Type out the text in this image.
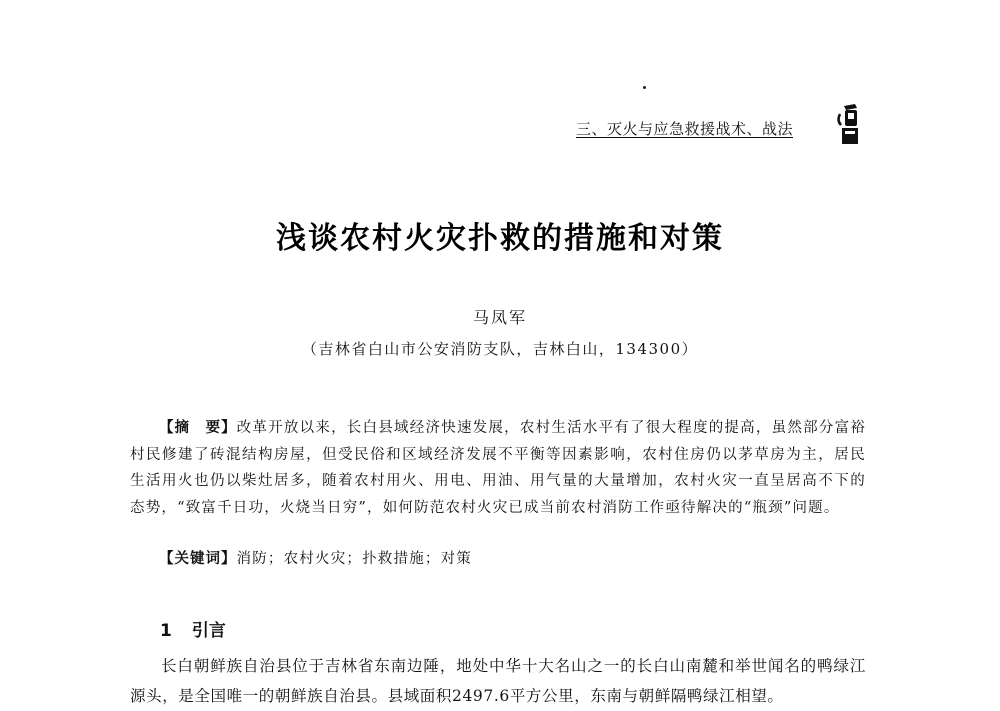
三、灭火与应急救援战术、战法
浅谈农村火灾扑救的措施和对策
马凤军
（吉林省白山市公安消防支队，吉林白山，134300）
【摘　要】改革开放以来，长白县域经济快速发展，农村生活水平有了很大程度的提高，虽然部分富裕村民修建了砖混结构房屋，但受民俗和区域经济发展不平衡等因素影响，农村住房仍以茅草房为主，居民生活用火也仍以柴灶居多，随着农村用火、用电、用油、用气量的大量增加，农村火灾一直呈居高不下的态势，“致富千日功，火烧当日穷”，如何防范农村火灾已成当前农村消防工作亟待解决的“瓶颈”问题。
【关键词】消防；农村火灾；扑救措施；对策
1 引言
长白朝鲜族自治县位于吉林省东南边陲，地处中华十大名山之一的长白山南麓和举世闻名的鸭绿江源头，是全国唯一的朝鲜族自治县。县域面积2497.6平方公里，东南与朝鲜隔鸭绿江相望。
